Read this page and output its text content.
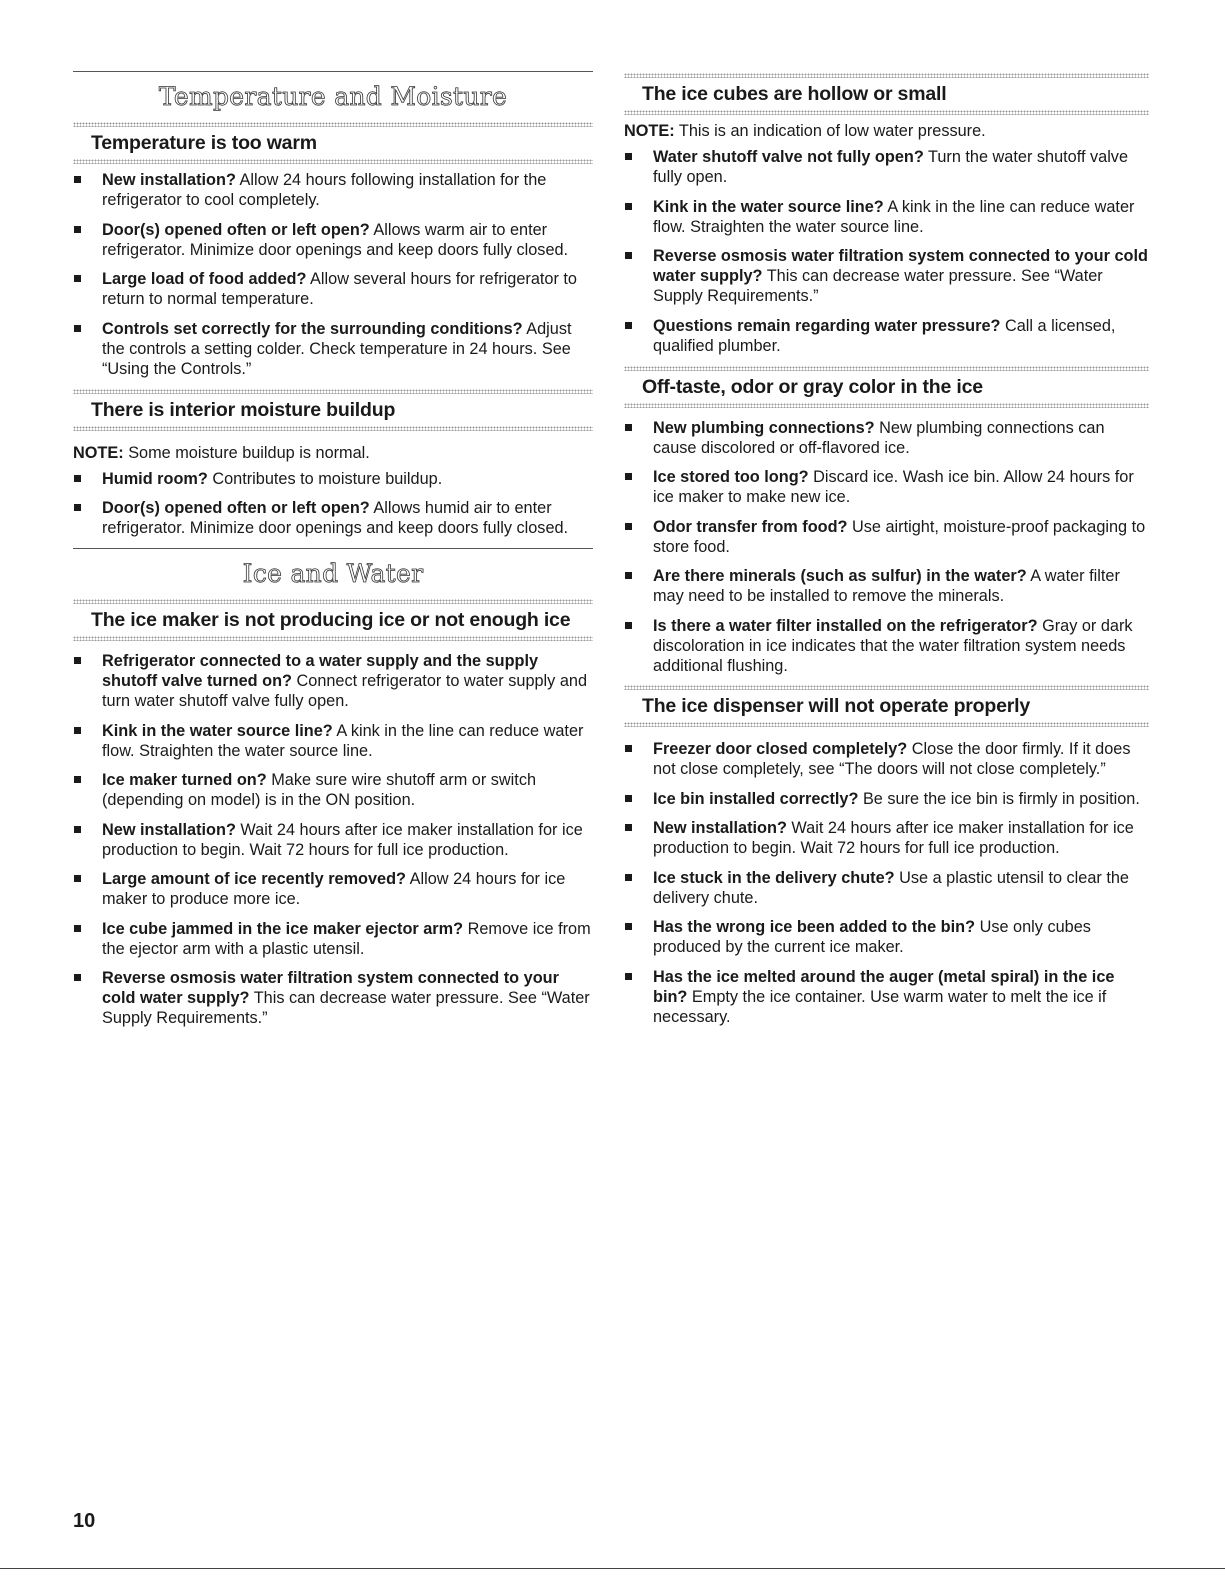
Temperature and Moisture
Temperature is too warm
New installation? Allow 24 hours following installation for the refrigerator to cool completely.
Door(s) opened often or left open? Allows warm air to enter refrigerator. Minimize door openings and keep doors fully closed.
Large load of food added? Allow several hours for refrigerator to return to normal temperature.
Controls set correctly for the surrounding conditions? Adjust the controls a setting colder. Check temperature in 24 hours. See “Using the Controls.”
There is interior moisture buildup
NOTE: Some moisture buildup is normal.
Humid room? Contributes to moisture buildup.
Door(s) opened often or left open? Allows humid air to enter refrigerator. Minimize door openings and keep doors fully closed.
Ice and Water
The ice maker is not producing ice or not enough ice
Refrigerator connected to a water supply and the supply shutoff valve turned on? Connect refrigerator to water supply and turn water shutoff valve fully open.
Kink in the water source line? A kink in the line can reduce water flow. Straighten the water source line.
Ice maker turned on? Make sure wire shutoff arm or switch (depending on model) is in the ON position.
New installation? Wait 24 hours after ice maker installation for ice production to begin. Wait 72 hours for full ice production.
Large amount of ice recently removed? Allow 24 hours for ice maker to produce more ice.
Ice cube jammed in the ice maker ejector arm? Remove ice from the ejector arm with a plastic utensil.
Reverse osmosis water filtration system connected to your cold water supply? This can decrease water pressure. See “Water Supply Requirements.”
The ice cubes are hollow or small
NOTE: This is an indication of low water pressure.
Water shutoff valve not fully open? Turn the water shutoff valve fully open.
Kink in the water source line? A kink in the line can reduce water flow. Straighten the water source line.
Reverse osmosis water filtration system connected to your cold water supply? This can decrease water pressure. See “Water Supply Requirements.”
Questions remain regarding water pressure? Call a licensed, qualified plumber.
Off-taste, odor or gray color in the ice
New plumbing connections? New plumbing connections can cause discolored or off-flavored ice.
Ice stored too long? Discard ice. Wash ice bin. Allow 24 hours for ice maker to make new ice.
Odor transfer from food? Use airtight, moisture-proof packaging to store food.
Are there minerals (such as sulfur) in the water? A water filter may need to be installed to remove the minerals.
Is there a water filter installed on the refrigerator? Gray or dark discoloration in ice indicates that the water filtration system needs additional flushing.
The ice dispenser will not operate properly
Freezer door closed completely? Close the door firmly. If it does not close completely, see “The doors will not close completely.”
Ice bin installed correctly? Be sure the ice bin is firmly in position.
New installation? Wait 24 hours after ice maker installation for ice production to begin. Wait 72 hours for full ice production.
Ice stuck in the delivery chute? Use a plastic utensil to clear the delivery chute.
Has the wrong ice been added to the bin? Use only cubes produced by the current ice maker.
Has the ice melted around the auger (metal spiral) in the ice bin? Empty the ice container. Use warm water to melt the ice if necessary.
10
